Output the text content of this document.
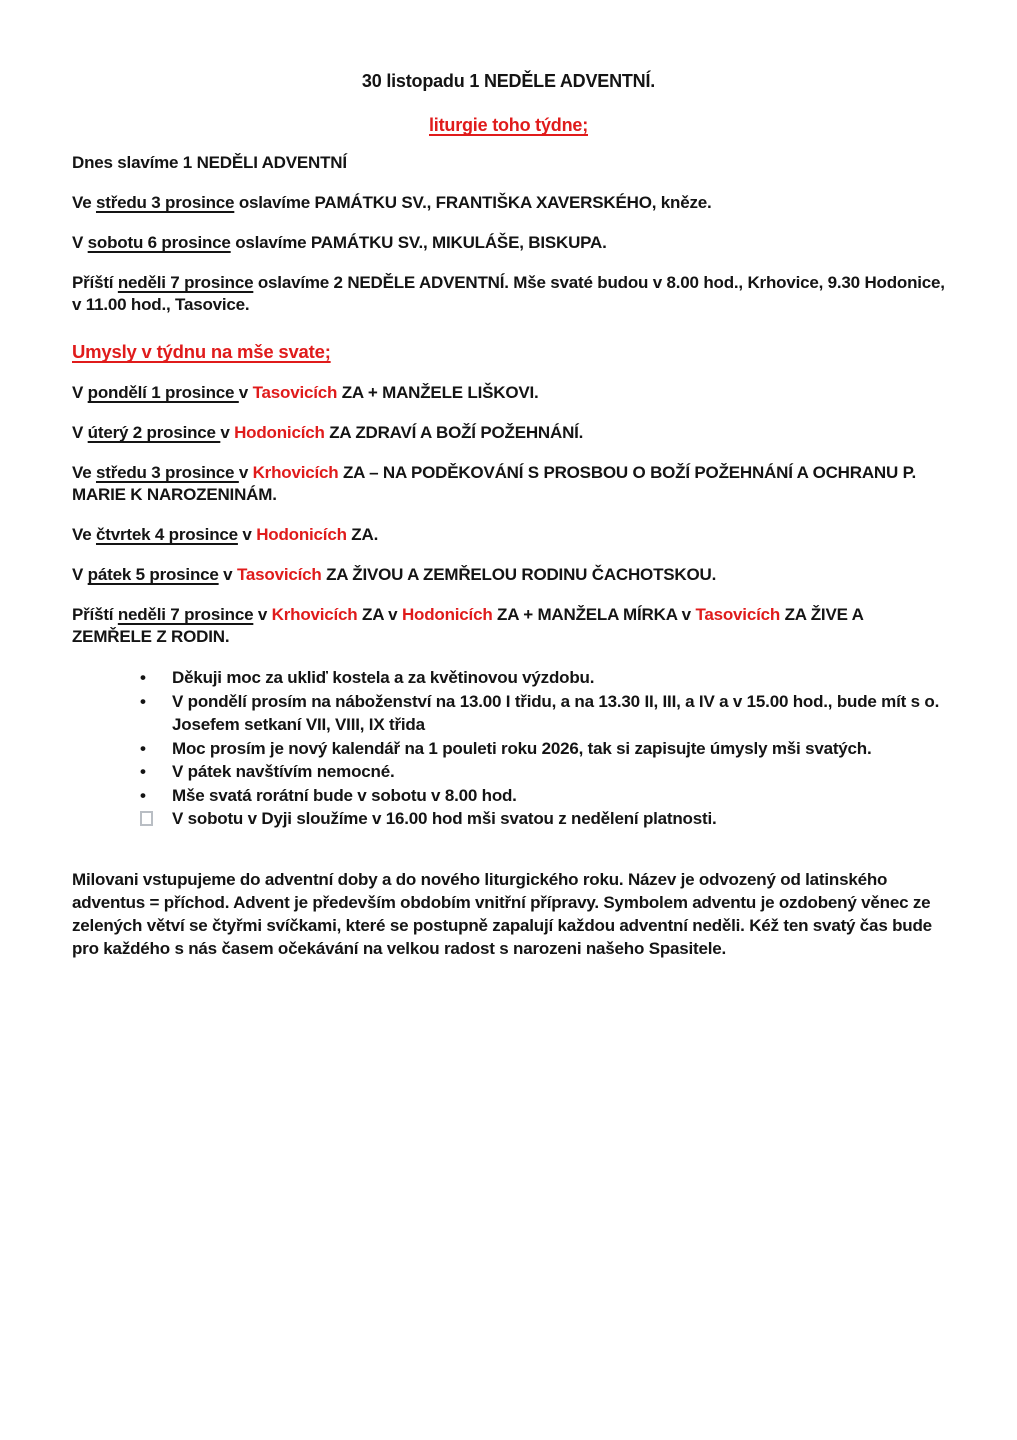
30 listopadu 1 NEDĚLE ADVENTNÍ.
liturgie toho týdne;

Dnes slavíme 1 NEDĚLI ADVENTNÍ

Ve středu 3 prosince oslavíme PAMÁTKU SV., FRANTIŠKA XAVERSKÉHO, kněze.

V sobotu 6 prosince oslavíme PAMÁTKU SV., MIKULÁŠE, BISKUPA.

Příští neděli 7 prosince oslavíme 2 NEDĚLE ADVENTNÍ. Mše svaté budou v 8.00 hod., Krhovice, 9.30 Hodonice, v 11.00 hod., Tasovice.

Umysly v týdnu na mše svate;

V pondělí 1 prosince v Tasovicích ZA + MANŽELE LIŠKOVI.

V úterý 2 prosince v Hodonicích ZA ZDRAVÍ A BOŽÍ POŽEHNÁNÍ.

Ve středu 3 prosince v Krhovicích ZA – NA PODĚKOVÁNÍ S PROSBOU O BOŽÍ POŽEHNÁNÍ A OCHRANU P. MARIE K NAROZENINÁM.

Ve čtvrtek 4 prosince v Hodonicích ZA.

V pátek 5 prosince v Tasovicích ZA ŽIVOU A ZEMŘELOU RODINU ČACHOTSKOU.

Příští neděli 7 prosince v Krhovicích ZA v Hodonicích ZA + MANŽELA MÍRKA v Tasovicích ZA ŽIVE A ZEMŘELE Z RODIN.

•
Děkuji moc za ukliď kostela a za květinovou výzdobu.
•
V pondělí prosím na náboženství na 13.00 I třidu, a na 13.30 II, III, a IV a v 15.00 hod., bude mít s o. Josefem setkaní VII, VIII, IX třida
•
Moc prosím je nový kalendář na 1 pouleti roku 2026, tak si zapisujte úmysly mši svatých.
•
V pátek navštívím nemocné.
•
Mše svatá rorátní bude v sobotu v 8.00 hod.
V sobotu v Dyji sloužíme v 16.00 hod mši svatou z nedělení platnosti.

Milovani vstupujeme do adventní doby a do nového liturgického roku. Název je odvozený od latinského adventus = příchod. Advent je především obdobím vnitřní přípravy. Symbolem adventu je ozdobený věnec ze zelených větví se čtyřmi svíčkami, které se postupně zapalují každou adventní neděli. Kéž ten svatý čas bude pro každého s nás časem očekávání na velkou radost s narozeni našeho Spasitele.
